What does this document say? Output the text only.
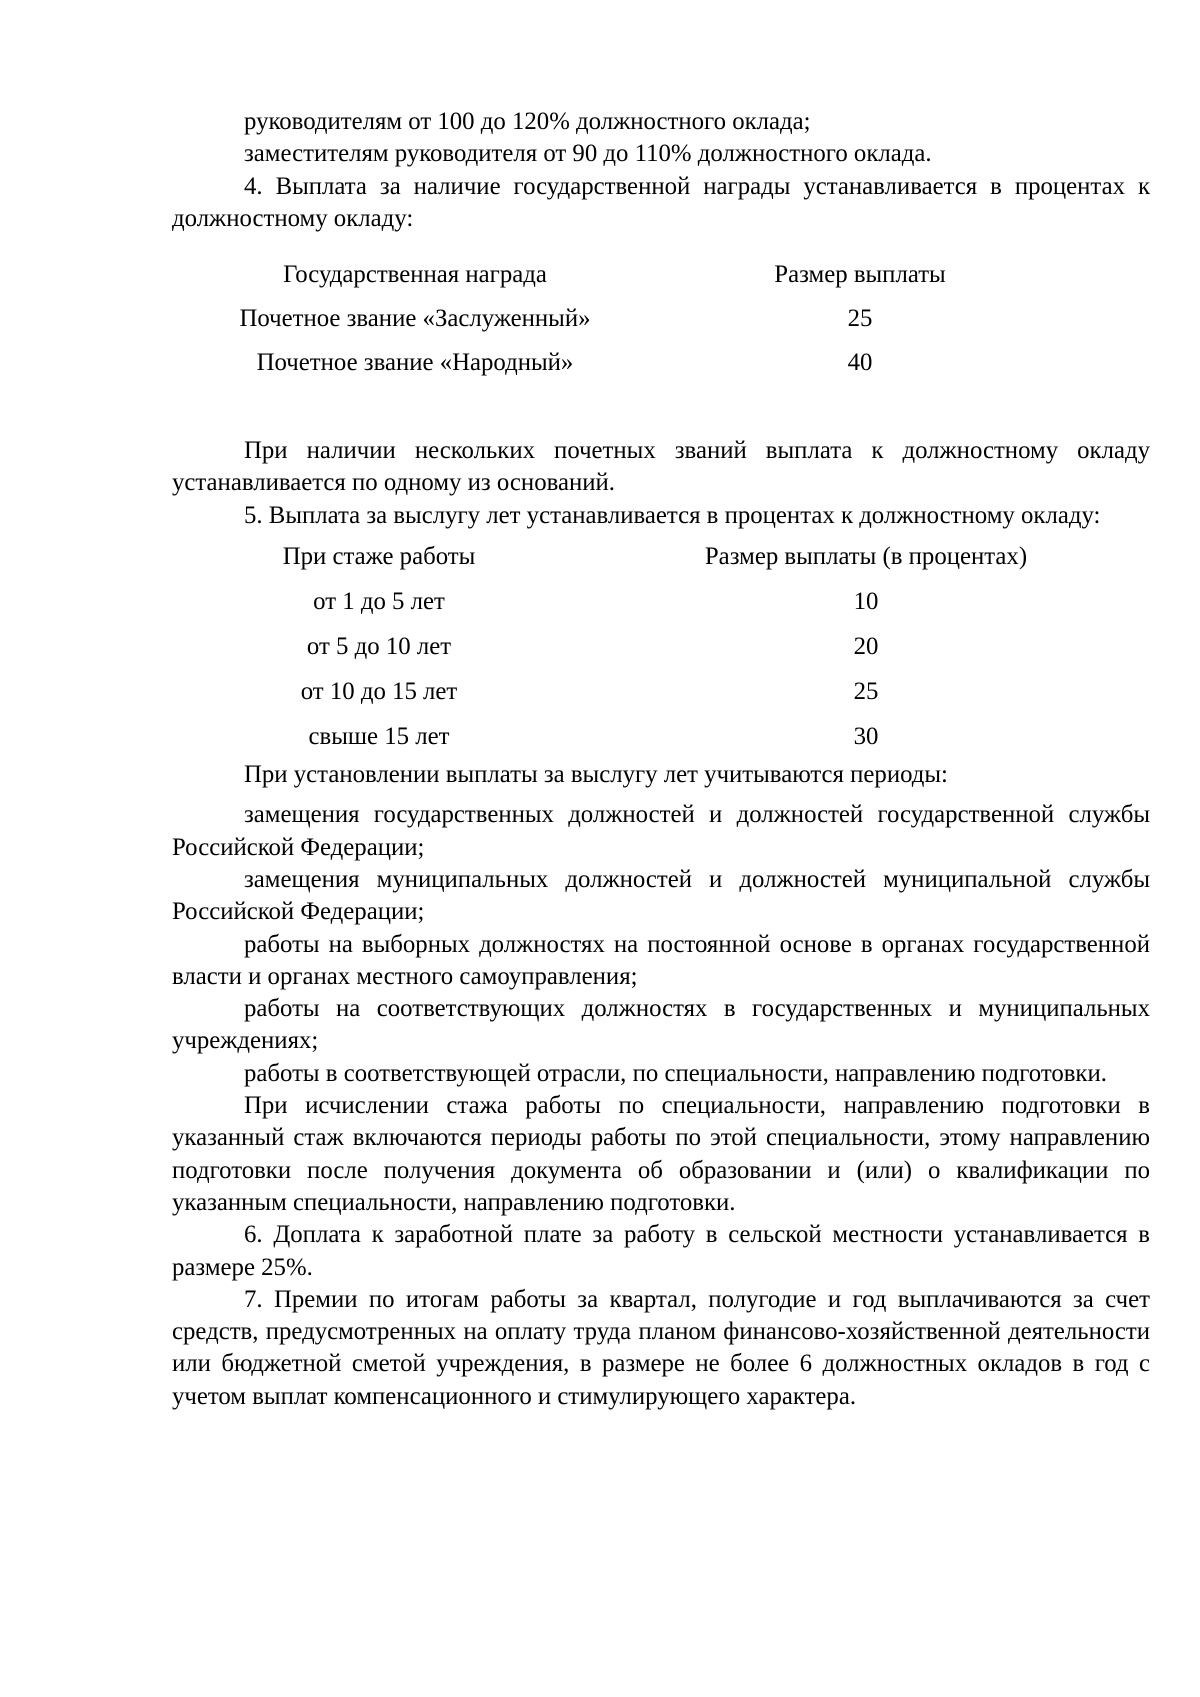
руководителям от 100 до 120% должностного оклада;

заместителям руководителя от 90 до 110% должностного оклада.

4. Выплата за наличие государственной награды устанавливается в процентах к должностному окладу:

Государственная награда	Размер выплаты
Почетное звание «Заслуженный»	25
Почетное звание «Народный»	40

При наличии нескольких почетных званий выплата к должностному окладу устанавливается по одному из оснований.

5. Выплата за выслугу лет устанавливается в процентах к должностному окладу:

При стаже работы	Размер выплаты (в процентах)
от 1 до 5 лет	10
от 5 до 10 лет	20
от 10 до 15 лет	25
свыше 15 лет	30

При установлении выплаты за выслугу лет учитываются периоды:

замещения государственных должностей и должностей государственной службы Российской Федерации;

замещения муниципальных должностей и должностей муниципальной службы Российской Федерации;

работы на выборных должностях на постоянной основе в органах государственной власти и органах местного самоуправления;

работы на соответствующих должностях в государственных и муниципальных учреждениях;

работы в соответствующей отрасли, по специальности, направлению подготовки.

При исчислении стажа работы по специальности, направлению подготовки в указанный стаж включаются периоды работы по этой специальности, этому направлению подготовки после получения документа об образовании и (или) о квалификации по указанным специальности, направлению подготовки.

6. Доплата к заработной плате за работу в сельской местности устанавливается в размере 25%.

7. Премии по итогам работы за квартал, полугодие и год выплачиваются за счет средств, предусмотренных на оплату труда планом финансово-хозяйственной деятельности или бюджетной сметой учреждения, в размере не более 6 должностных окладов в год с учетом выплат компенсационного и стимулирующего характера.
